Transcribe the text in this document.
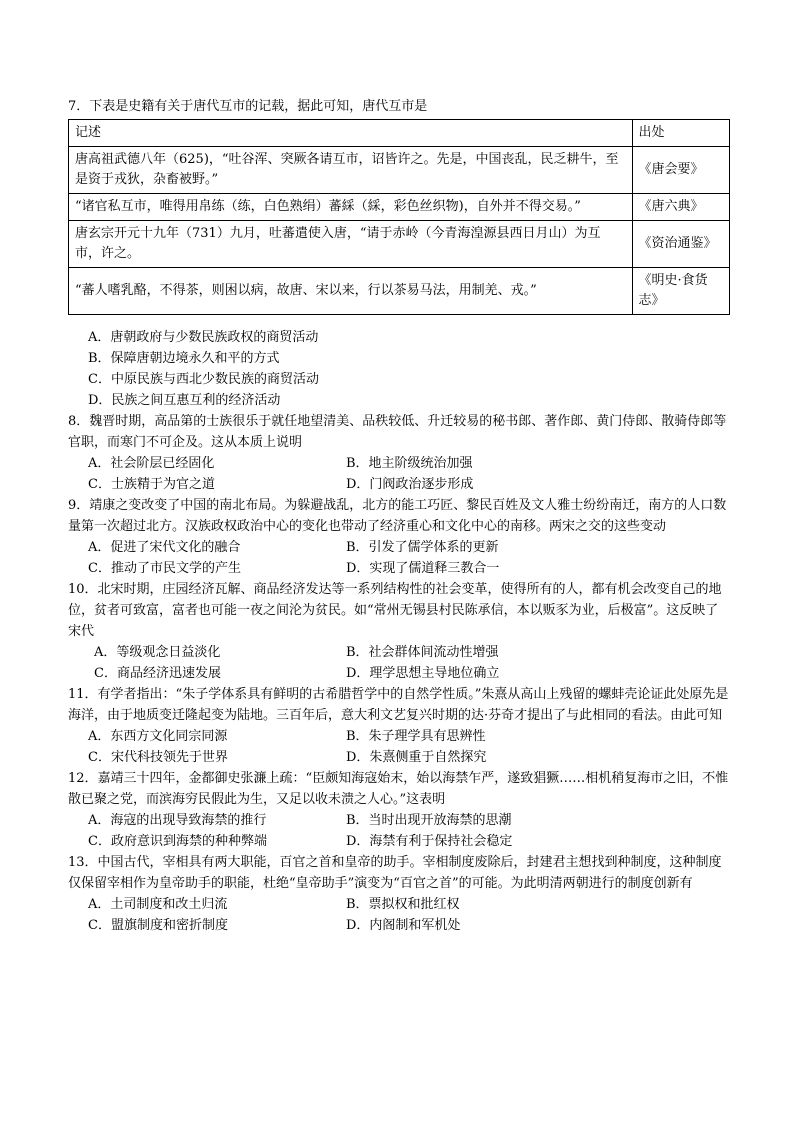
7．下表是史籍有关于唐代互市的记载，据此可知，唐代互市是
记述	出处
唐高祖武德八年（625)，“吐谷浑、突厥各请互市，诏皆许之。先是，中国丧乱，民乏耕牛，至是资于戎狄，杂畜被野。”	《唐会要》
“诸官私互市，唯得用帛练（练，白色熟绢）蕃綵（綵，彩色丝织物)，自外并不得交易。”	《唐六典》
唐玄宗开元十九年（731）九月，吐蕃遣使入唐，“请于赤岭（今青海湟源县西日月山）为互市，许之。	《资治通鉴》
“蕃人嗜乳酪，不得茶，则困以病，故唐、宋以来，行以茶易马法，用制羌、戎。”	《明史·食货志》
A．唐朝政府与少数民族政权的商贸活动
B．保障唐朝边境永久和平的方式
C．中原民族与西北少数民族的商贸活动
D．民族之间互惠互利的经济活动
8．魏晋时期，高品第的士族很乐于就任地望清美、品秩较低、升迁较易的秘书郎、著作郎、黄门侍郎、散骑侍郎等官职，而寒门不可企及。这从本质上说明
A．社会阶层已经固化	B．地主阶级统治加强
C．士族精于为官之道	D．门阀政治逐步形成
9．靖康之变改变了中国的南北布局。为躲避战乱，北方的能工巧匠、黎民百姓及文人雅士纷纷南迁，南方的人口数量第一次超过北方。汉族政权政治中心的变化也带动了经济重心和文化中心的南移。两宋之交的这些变动
A．促进了宋代文化的融合	B．引发了儒学体系的更新
C．推动了市民文学的产生	D．实现了儒道释三教合一
10．北宋时期，庄园经济瓦解、商品经济发达等一系列结构性的社会变革，使得所有的人，都有机会改变自己的地位，贫者可致富，富者也可能一夜之间沦为贫民。如“常州无锡县村民陈承信，本以贩豕为业，后极富”。这反映了宋代
A．等级观念日益淡化	B．社会群体间流动性增强
C．商品经济迅速发展	D．理学思想主导地位确立
11．有学者指出：“朱子学体系具有鲜明的古希腊哲学中的自然学性质。”朱熹从高山上残留的螺蚌壳论证此处原先是海洋，由于地质变迁隆起变为陆地。三百年后，意大利文艺复兴时期的达·芬奇才提出了与此相同的看法。由此可知
A．东西方文化同宗同源	B．朱子理学具有思辨性
C．宋代科技领先于世界	D．朱熹侧重于自然探究
12．嘉靖三十四年，金都御史张濂上疏：“臣颇知海寇始末，始以海禁乍严，遂致猖獗……相机稍复海市之旧，不惟散已聚之党，而滨海穷民假此为生，又足以收未溃之人心。”这表明
A．海寇的出现导致海禁的推行	B．当时出现开放海禁的思潮
C．政府意识到海禁的种种弊端	D．海禁有利于保持社会稳定
13．中国古代，宰相具有两大职能，百官之首和皇帝的助手。宰相制度废除后，封建君主想找到种制度，这种制度仅保留宰相作为皇帝助手的职能，杜绝“皇帝助手”演变为“百官之首”的可能。为此明清两朝进行的制度创新有
A．土司制度和改土归流	B．票拟权和批红权
C．盟旗制度和密折制度	D．内阁制和军机处
